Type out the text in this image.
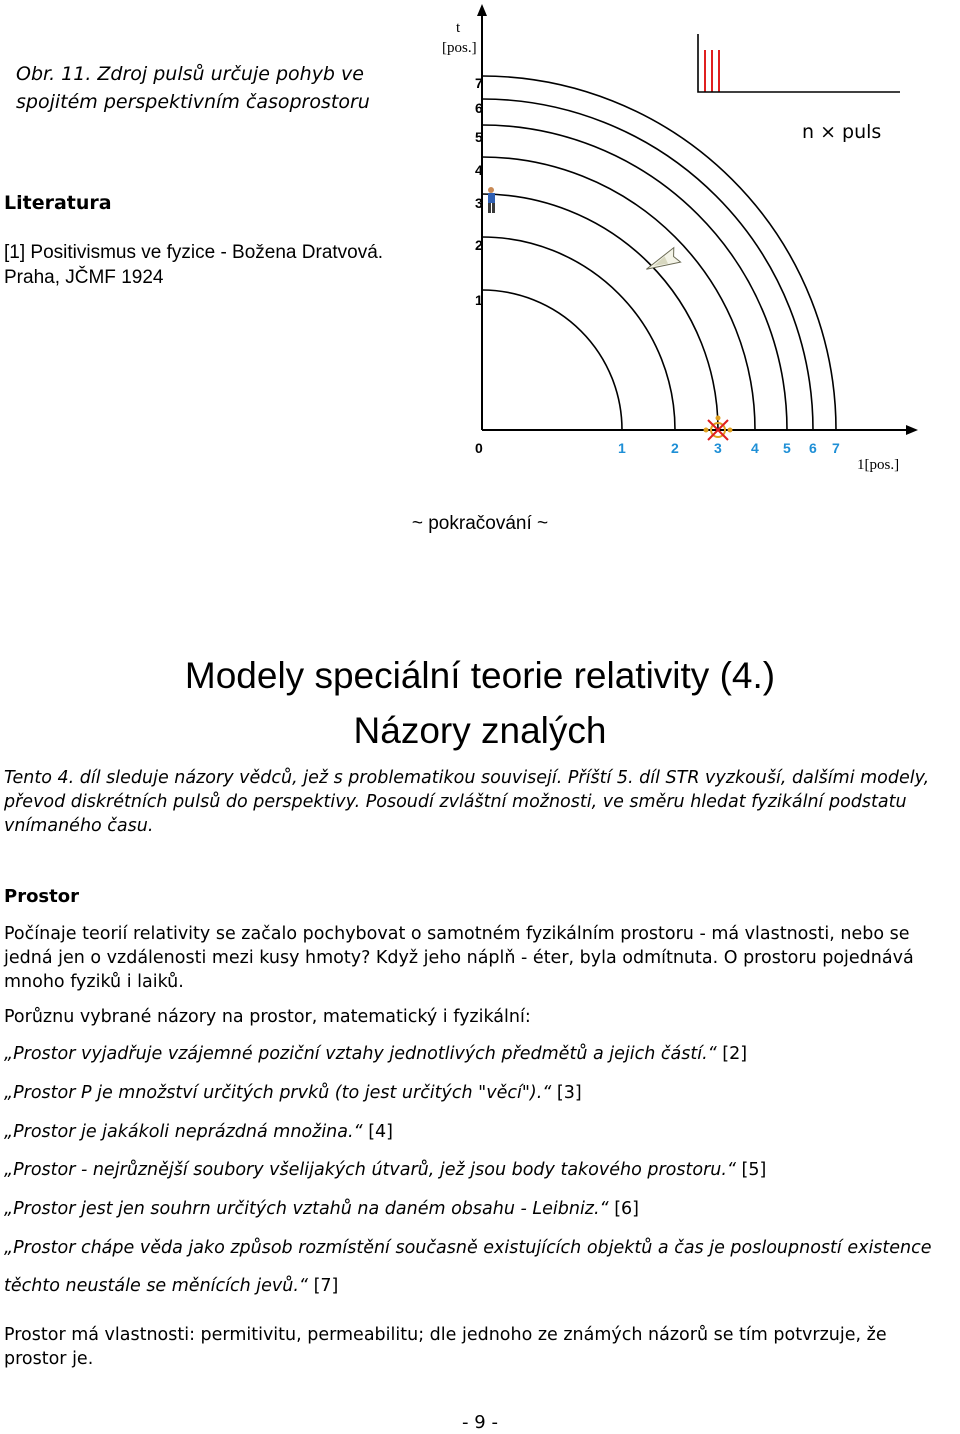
Obr. 11. Zdroj pulsů určuje pohyb ve spojitém perspektivním časoprostoru
Literatura
[1] Positivismus ve fyzice - Božena Dratvová. Praha, JČMF 1924
t
[pos.]
1[pos.]
1
2
3
4
5
6
7
1	2	3 4 5 6 7
0
n × puls
~ pokračování ~
Modely speciální teorie relativity (4.)
Názory znalých
Tento 4. díl sleduje názory vědců, jež s problematikou souvisejí. Příští 5. díl STR vyzkouší, dalšími modely, převod diskrétních pulsů do perspektivy. Posoudí zvláštní možnosti, ve směru hledat fyzikální podstatu vnímaného času.
Prostor
Počínaje teorií relativity se začalo pochybovat o samotném fyzikálním prostoru - má vlastnosti, nebo se jedná jen o vzdálenosti mezi kusy hmoty? Když jeho náplň - éter, byla odmítnuta. O prostoru pojednává mnoho fyziků i laiků.
Porůznu vybrané názory na prostor, matematický i fyzikální:
„Prostor vyjadřuje vzájemné poziční vztahy jednotlivých předmětů a jejich částí.“ [2]
„Prostor P je množství určitých prvků (to jest určitých "věcí").“ [3]
„Prostor je jakákoli neprázdná množina.“ [4]
„Prostor - nejrůznější soubory všelijakých útvarů, jež jsou body takového prostoru.“ [5]
„Prostor jest jen souhrn určitých vztahů na daném obsahu - Leibniz.“ [6]
„Prostor chápe věda jako způsob rozmístění současně existujících objektů a čas je posloupností existence těchto neustále se měnících jevů.“ [7]
Prostor má vlastnosti: permitivitu, permeabilitu; dle jednoho ze známých názorů se tím potvrzuje, že prostor je.
- 9 -
